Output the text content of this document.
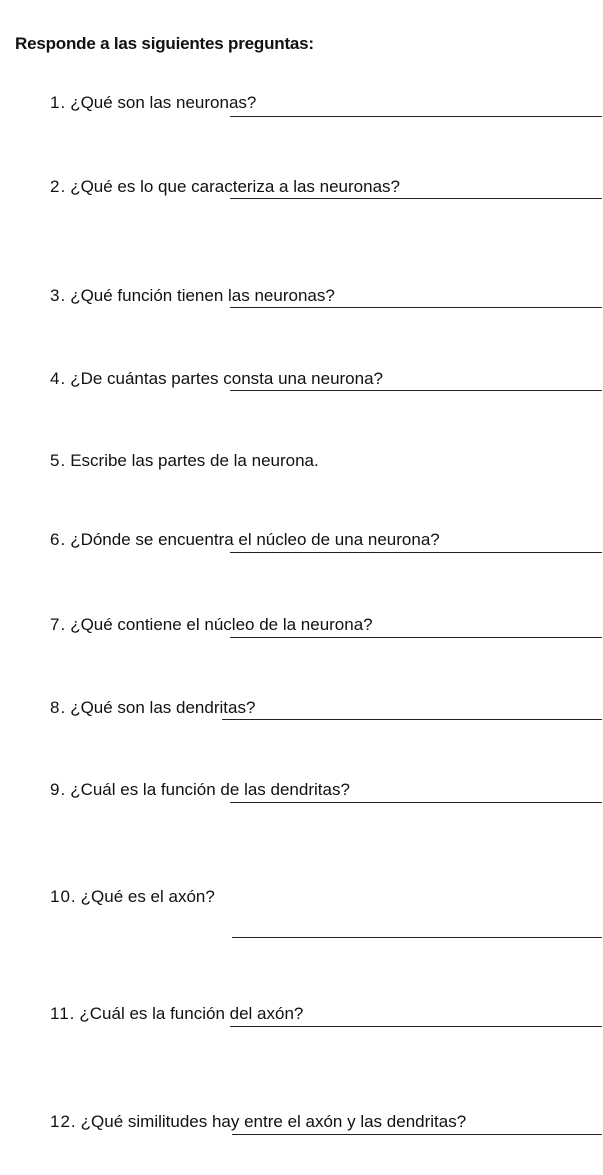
Responde a las siguientes preguntas:
1. ¿Qué son las neuronas?
2. ¿Qué es lo que caracteriza a las neuronas?
3. ¿Qué función tienen las neuronas?
4. ¿De cuántas partes consta una neurona?
5. Escribe las partes de la neurona.
6. ¿Dónde se encuentra el núcleo de una neurona?
7. ¿Qué contiene el núcleo de la neurona?
8. ¿Qué son las dendritas?
9. ¿Cuál es la función de las dendritas?
10. ¿Qué es el axón?
11. ¿Cuál es la función del axón?
12. ¿Qué similitudes hay entre el axón y las dendritas?
